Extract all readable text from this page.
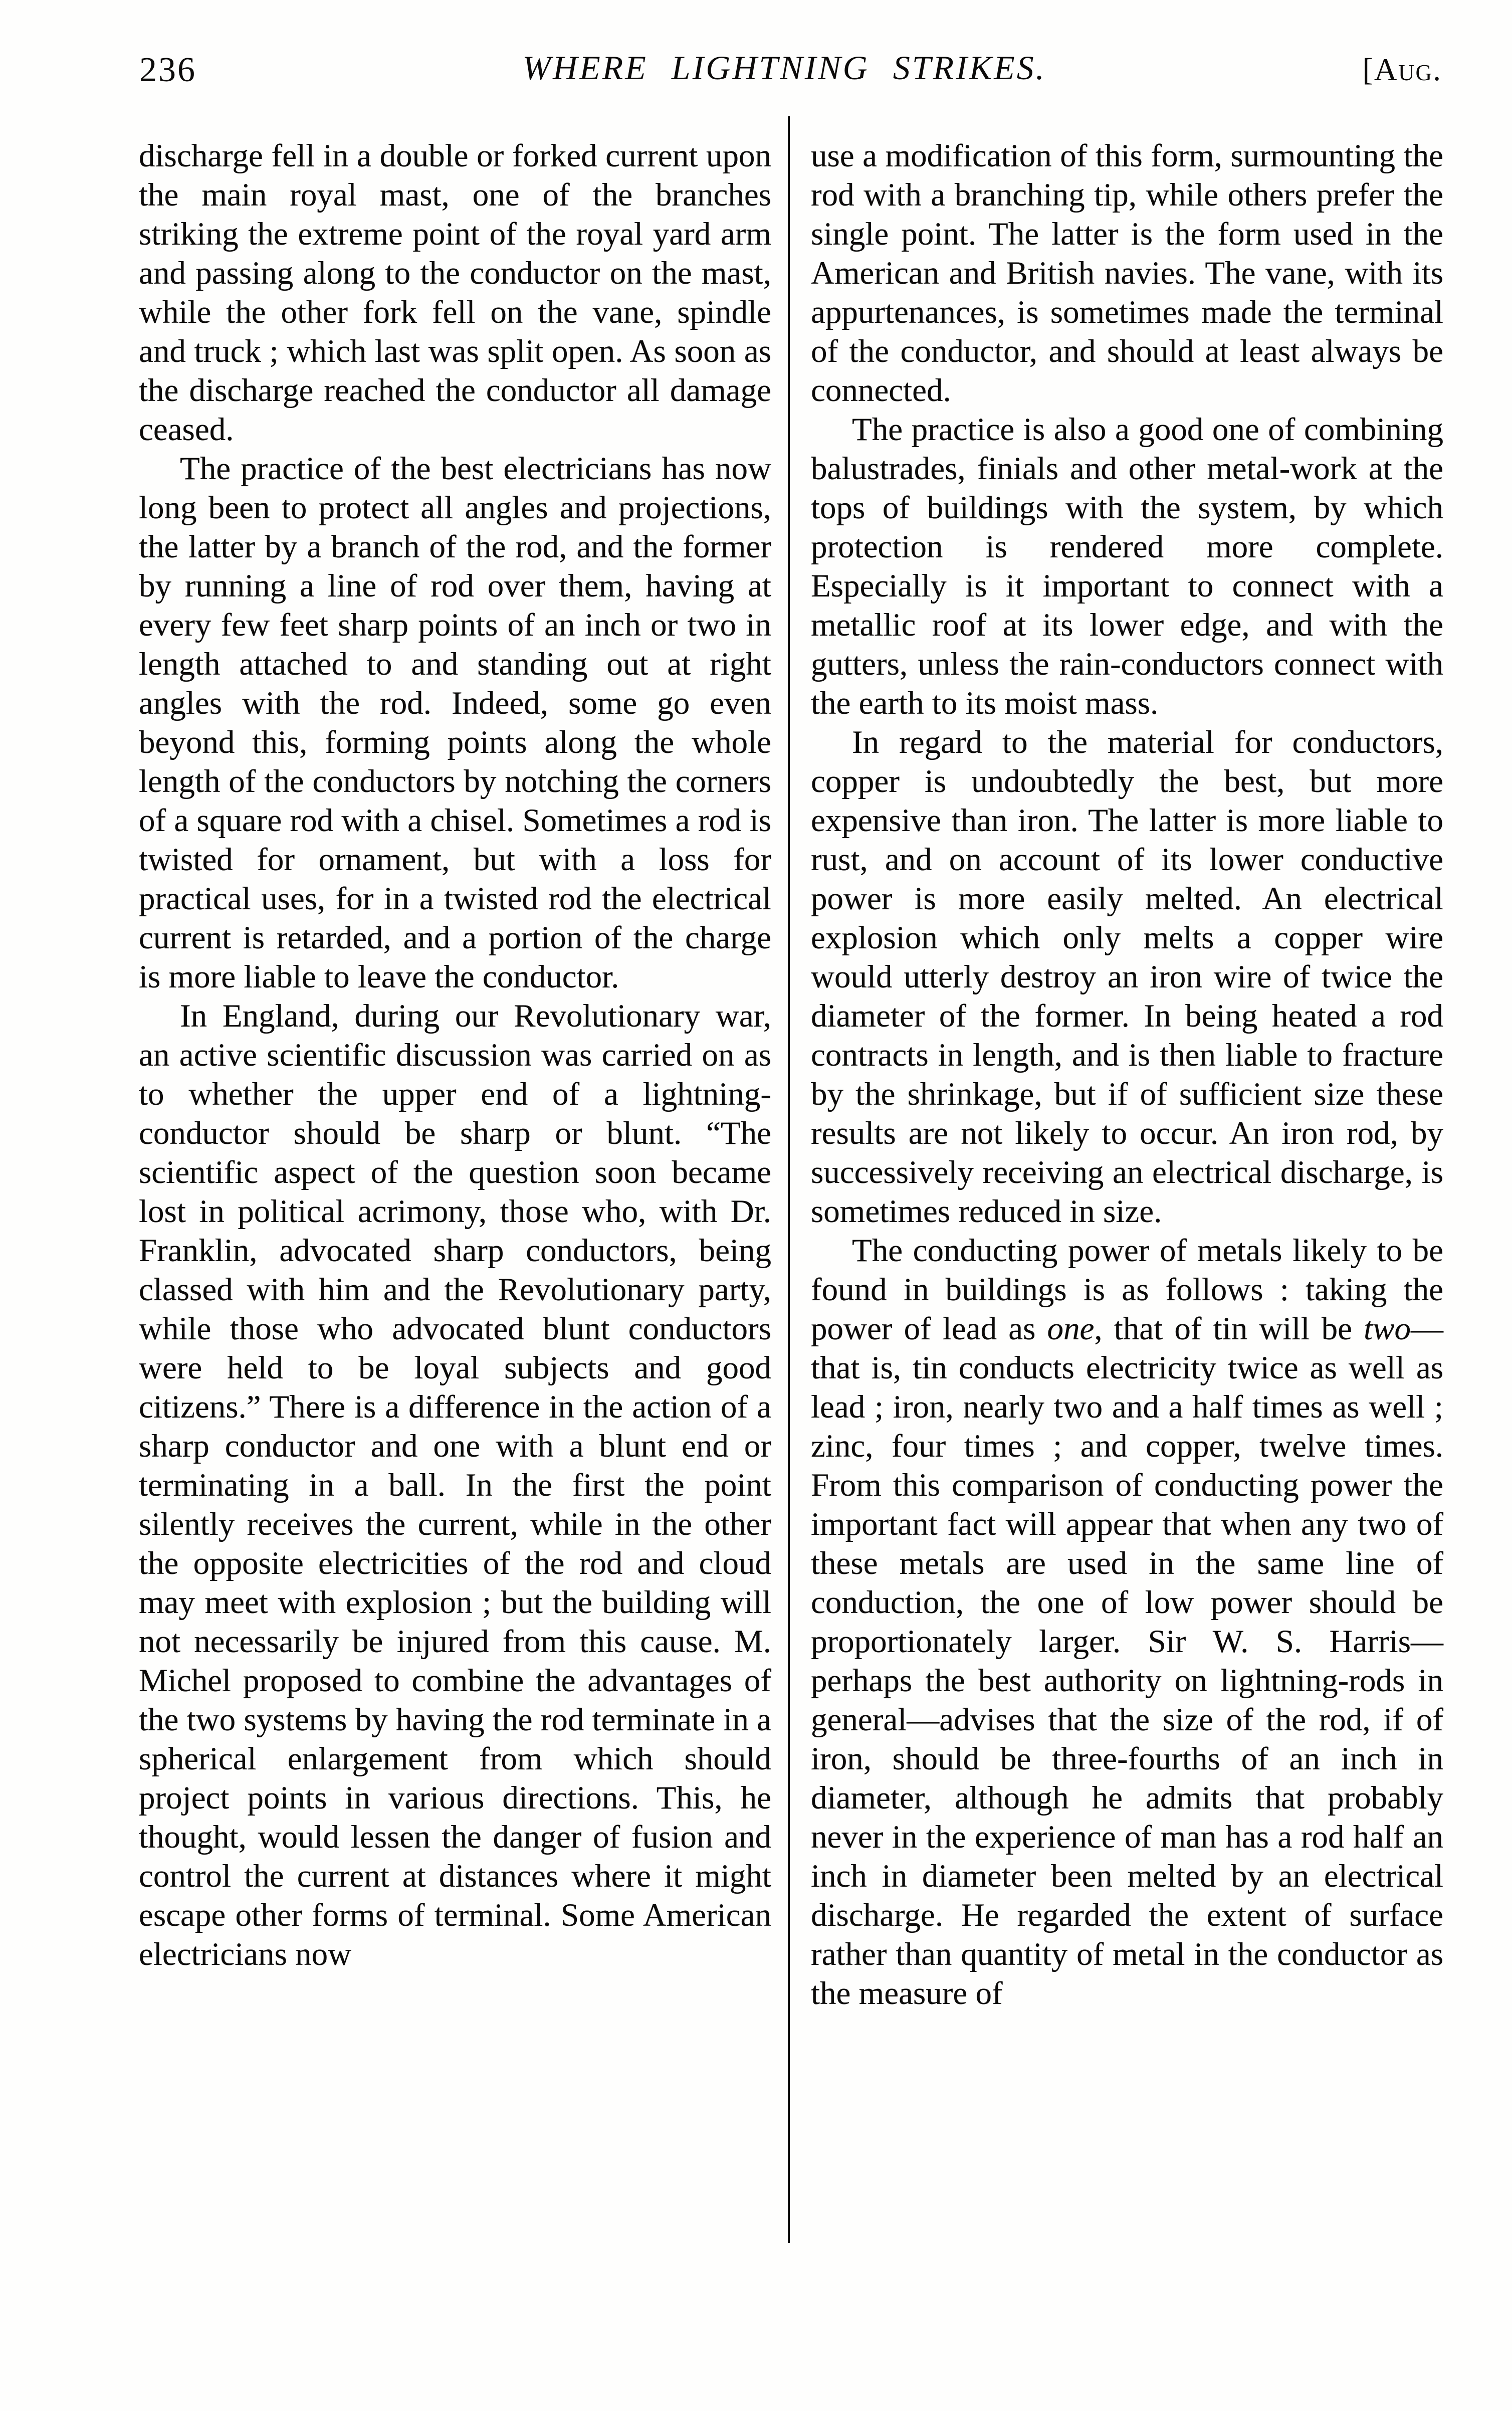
236	WHERE LIGHTNING STRIKES.	[Aug.

discharge fell in a double or forked current upon the main royal mast, one of the branches striking the extreme point of the royal yard arm and passing along to the conductor on the mast, while the other fork fell on the vane, spindle and truck ; which last was split open. As soon as the discharge reached the conductor all damage ceased.

The practice of the best electricians has now long been to protect all angles and projections, the latter by a branch of the rod, and the former by running a line of rod over them, having at every few feet sharp points of an inch or two in length attached to and standing out at right angles with the rod. Indeed, some go even beyond this, forming points along the whole length of the conductors by notching the corners of a square rod with a chisel. Sometimes a rod is twisted for ornament, but with a loss for practical uses, for in a twisted rod the electrical current is retarded, and a portion of the charge is more liable to leave the conductor.

In England, during our Revolutionary war, an active scientific discussion was carried on as to whether the upper end of a lightning-conductor should be sharp or blunt. “The scientific aspect of the question soon became lost in political acrimony, those who, with Dr. Franklin, advocated sharp conductors, being classed with him and the Revolutionary party, while those who advocated blunt conductors were held to be loyal subjects and good citizens.” There is a difference in the action of a sharp conductor and one with a blunt end or terminating in a ball. In the first the point silently receives the current, while in the other the opposite electricities of the rod and cloud may meet with explosion ; but the building will not necessarily be injured from this cause. M. Michel proposed to combine the advantages of the two systems by having the rod terminate in a spherical enlargement from which should project points in various directions. This, he thought, would lessen the danger of fusion and control the current at distances where it might escape other forms of terminal. Some American electricians now

use a modification of this form, surmounting the rod with a branching tip, while others prefer the single point. The latter is the form used in the American and British navies. The vane, with its appurtenances, is sometimes made the terminal of the conductor, and should at least always be connected.

The practice is also a good one of combining balustrades, finials and other metal-work at the tops of buildings with the system, by which protection is rendered more complete. Especially is it important to connect with a metallic roof at its lower edge, and with the gutters, unless the rain-conductors connect with the earth to its moist mass.

In regard to the material for conductors, copper is undoubtedly the best, but more expensive than iron. The latter is more liable to rust, and on account of its lower conductive power is more easily melted. An electrical explosion which only melts a copper wire would utterly destroy an iron wire of twice the diameter of the former. In being heated a rod contracts in length, and is then liable to fracture by the shrinkage, but if of sufficient size these results are not likely to occur. An iron rod, by successively receiving an electrical discharge, is sometimes reduced in size.

The conducting power of metals likely to be found in buildings is as follows : taking the power of lead as one, that of tin will be two—that is, tin conducts electricity twice as well as lead ; iron, nearly two and a half times as well ; zinc, four times ; and copper, twelve times. From this comparison of conducting power the important fact will appear that when any two of these metals are used in the same line of conduction, the one of low power should be proportionately larger. Sir W. S. Harris—perhaps the best authority on lightning-rods in general—advises that the size of the rod, if of iron, should be three-fourths of an inch in diameter, although he admits that probably never in the experience of man has a rod half an inch in diameter been melted by an electrical discharge. He regarded the extent of surface rather than quantity of metal in the conductor as the measure of
